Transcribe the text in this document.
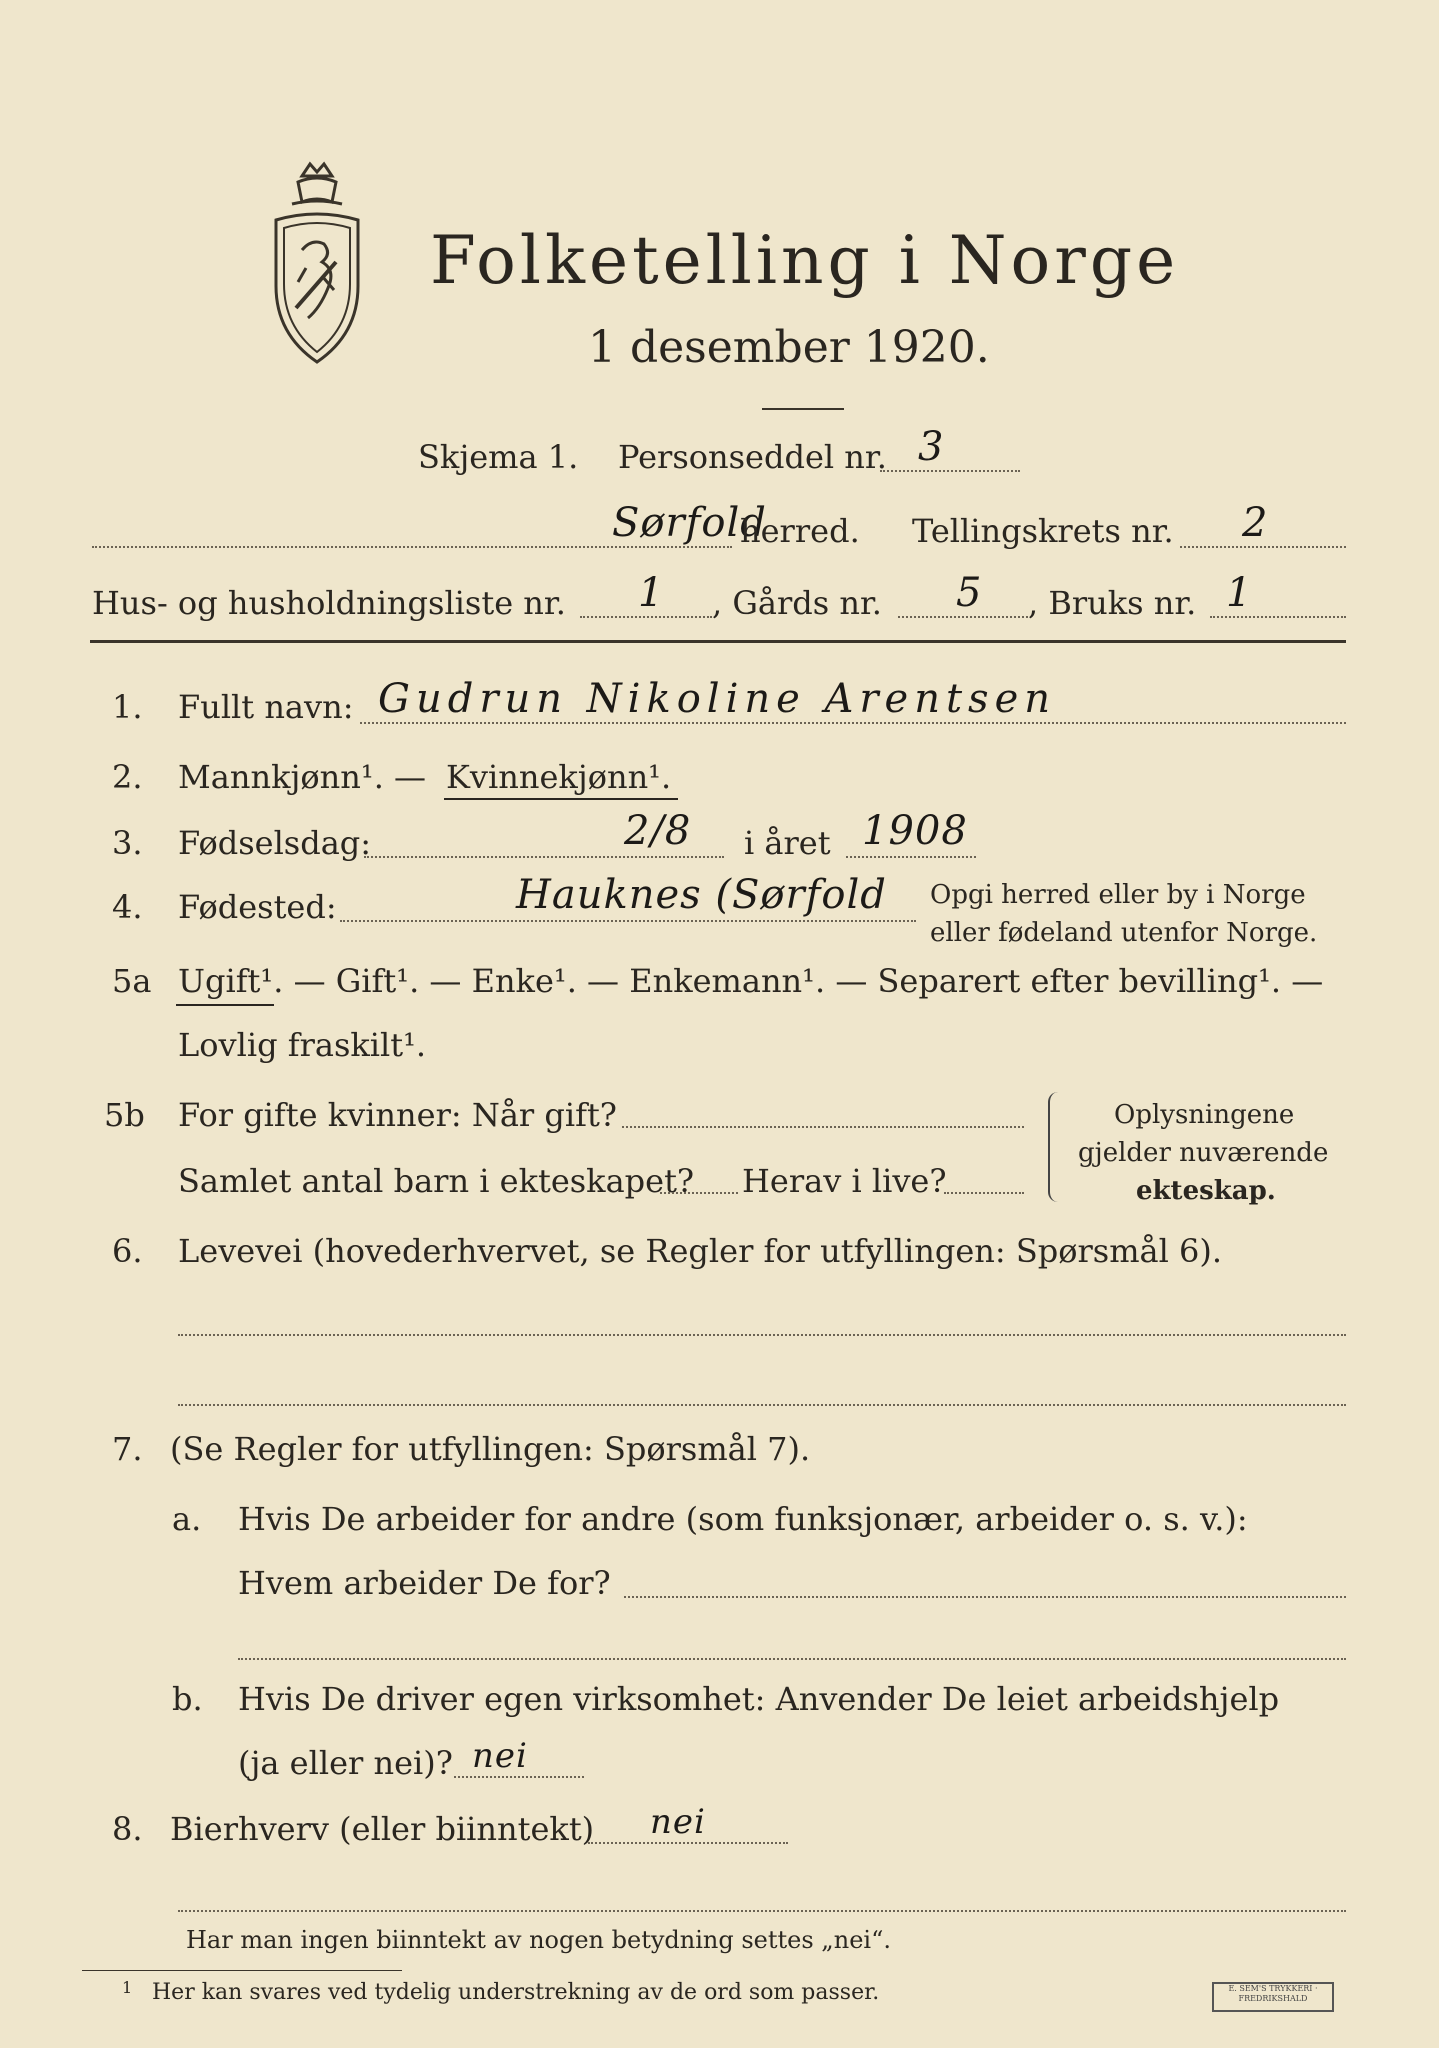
Folketelling i Norge
1 desember 1920.
Skjema 1. Personseddel nr. 3
Sørfold
herred. Tellingskrets nr. 2
Hus- og husholdningsliste nr. 1 , Gårds nr. 5 , Bruks nr. 1
1. Fullt navn: Gudrun Nikoline Arentsen
2. Mannkjønn¹. — Kvinnekjønn¹.
3. Fødselsdag:	2/8 i året 1908
4. Fødested:	Hauknes (Sørfold Opgi herred eller by i Norge
eller fødeland utenfor Norge.
5a Ugift¹. — Gift¹. — Enke¹. — Enkemann¹. — Separert efter bevilling¹. —
Lovlig fraskilt¹.
5b For gifte kvinner: Når gift?
Samlet antal barn i ekteskapet? Herav i live?
Oplysningene
gjelder nuværende
ekteskap.
6. Levevei (hovederhvervet, se Regler for utfyllingen: Spørsmål 6).
7. (Se Regler for utfyllingen: Spørsmål 7).
a. Hvis De arbeider for andre (som funksjonær, arbeider o. s. v.):
Hvem arbeider De for?
b. Hvis De driver egen virksomhet: Anvender De leiet arbeidshjelp
(ja eller nei)? nei
8. Bierhverv (eller biinntekt) nei
Har man ingen biinntekt av nogen betydning settes „nei“.
1 Her kan svares ved tydelig understrekning av de ord som passer.	E. SEM'S TRYKKERI · FREDRIKSHALD
